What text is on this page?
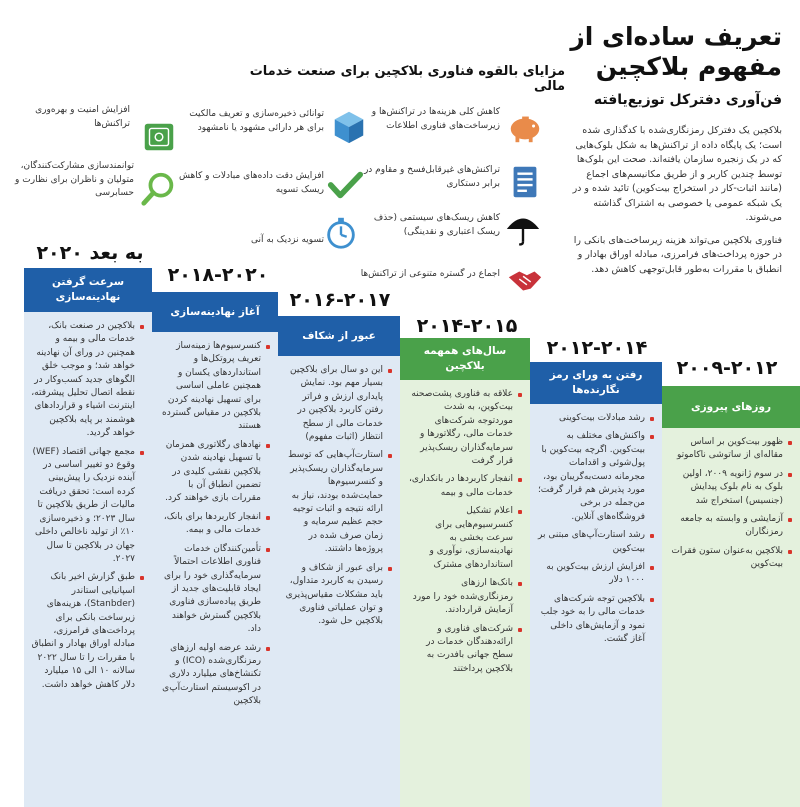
تعریف ساده‌ای از مفهوم بلاکچین
فن‌آوری دفترکل توزیع‌یافته

بلاکچین یک دفترکل رمزنگاری‌شده با کدگذاری شده است؛ یک پایگاه داده از تراکنش‌ها به شکل بلوک‌هایی که در یک زنجیره سازمان یافته‌اند. صحت این بلوک‌ها توسط چندین کاربر و از طریق مکانیسم‌های اجماع (مانند اثبات-کار در استخراج بیت‌کوین) تائید شده و در یک شبکه عمومی یا خصوصی به اشتراک گذاشته می‌شوند.

فناوری بلاکچین می‌تواند هزینه زیرساخت‌های بانکی را در حوزه پرداخت‌های فرامرزی، مبادله اوراق بهادار و انطباق با مقررات به‌طور قابل‌توجهی کاهش دهد.

مزایای بالقوه فناوری بلاکچین برای صنعت خدمات مالی
کاهش کلی هزینه‌ها در تراکنش‌ها و زیرساخت‌های فناوری اطلاعات
توانائی ذخیره‌سازی و تعریف مالکیت برای هر دارائی مشهود یا نامشهود
افزایش امنیت و بهره‌وری تراکنش‌ها
تراکنش‌های غیرقابل‌فسخ و مقاوم در برابر دستکاری
افزایش دقت داده‌های مبادلات و کاهش ریسک تسویه
توانمندسازی مشارکت‌کنندگان، متولیان و ناظران برای نظارت و حسابرسی
کاهش ریسک‌های سیستمی (حذف ریسک اعتباری و نقدینگی)
تسویه نزدیک به آنی
اجماع در گستره متنوعی از تراکنش‌ها
۲۰۰۹-۲۰۱۲
روزهای پیروزی
ظهور بیت‌کوین بر اساس مقاله‌ای از ساتوشی ناکاموتو
در سوم ژانویه ۲۰۰۹، اولین بلوک به نام بلوک پیدایش (جنسیس) استخراج شد
آزمایشی و وابسته به جامعه رمزنگاران
بلاکچین به‌عنوان ستون فقرات بیت‌کوین
۲۰۱۲-۲۰۱۴
رفتن به ورای رمز نگارنده‌ها
رشد مبادلات بیت‌کوینی
واکنش‌های مختلف به بیت‌کوین. اگرچه بیت‌کوین با پول‌شوئی و اقدامات مجرمانه دست‌به‌گریبان بود، مورد پذیرش هم قرار گرفت؛ من‌جمله در برخی فروشگاه‌های آنلاین.
رشد استارت‌آپ‌های مبتنی بر بیت‌کوین
افزایش ارزش بیت‌کوین به ۱۰۰۰ دلار
بلاکچین توجه شرکت‌های خدمات مالی را به خود جلب نمود و آزمایش‌های داخلی آغاز گشت.
۲۰۱۴-۲۰۱۵
سال‌های همهمه بلاکچین
علاقه به فناوری پشت‌صحنه بیت‌کوین، به شدت موردتوجه شرکت‌های خدمات مالی، رگلاتورها و سرمایه‌گذاران ریسک‌پذیر قرار گرفت
انفجار کاربردها در بانکداری، خدمات مالی و بیمه
اعلام تشکیل کنسرسیوم‌هایی برای سرعت بخشی به نهادینه‌سازی، نوآوری و استانداردهای مشترک
بانک‌ها ارزهای رمزنگاری‌شده خود را مورد آزمایش قراردادند.
شرکت‌های فناوری و ارائه‌دهندگان خدمات در سطح جهانی بافدرت به بلاکچین پرداختند
۲۰۱۶-۲۰۱۷
عبور از شکاف
این دو سال برای بلاکچین بسیار مهم بود. نمایش پایداری ارزش و فراتر رفتن کاربرد بلاکچین در خدمات مالی از سطح انتظار (اثبات مفهوم)
استارت‌آپ‌هایی که توسط سرمایه‌گذاران ریسک‌پذیر و کنسرسیوم‌ها حمایت‌شده بودند، نیاز به ارائه نتیجه و اثبات توجیه حجم عظیم سرمایه و زمان صرف شده در پروژه‌ها داشتند.
برای عبور از شکاف و رسیدن به کاربرد متداول، باید مشکلات مقیاس‌پذیری و توان عملیاتی فناوری بلاکچین حل شود.
۲۰۱۸-۲۰۲۰
آغاز نهادینه‌سازی
کنسرسیوم‌ها زمینه‌ساز تعریف پروتکل‌ها و استانداردهای یکسان و همچنین عاملی اساسی برای تسهیل نهادینه کردن بلاکچین در مقیاس گسترده هستند
نهادهای رگلاتوری همزمان با تسهیل نهادینه شدن بلاکچین نقشی کلیدی در تضمین انطباق آن با مقررات بازی خواهند کرد.
انفجار کاربردها برای بانک، خدمات مالی و بیمه.
تأمین‌کنندگان خدمات فناوری اطلاعات احتمالاً سرمایه‌گذاری خود را برای ایجاد قابلیت‌های جدید از طریق پیاده‌سازی فناوری بلاکچین گسترش خواهند داد.
رشد عرضه اولیه ارزهای رمزنگاری‌شده (ICO) و تکنشاخ‌های میلیارد دلاری در اکوسیستم استارت‌آپ‌ی بلاکچین
۲۰۲۰ به بعد
سرعت گرفتن نهادینه‌سازی
بلاکچین در صنعت بانک، خدمات مالی و بیمه و همچنین در ورای آن نهادینه خواهد شد؛ و موجب خلق الگوهای جدید کسب‌وکار در نقطه اتصال تحلیل پیشرفته، اینترنت اشیاء و قراردادهای هوشمند بر پایه بلاکچین خواهد گردید.
مجمع جهانی اقتصاد (WEF) وقوع دو تغییر اساسی در آینده نزدیک را پیش‌بینی کرده است: تحقق دریافت مالیات از طریق بلاکچین تا سال ۲۰۲۳؛ و ذخیره‌سازی ۱۰٪ از تولید ناخالص داخلی جهان در بلاکچین تا سال ۲۰۲۷.
طبق گزارش اخیر بانک اسپانیایی استاندر (Stanbder)، هزینه‌های زیرساخت بانکی برای پرداخت‌های فرامرزی، مبادله اوراق بهادار و انطباق با مقررات را تا سال ۲۰۲۲ سالانه ۱۰ الی ۱۵ میلیارد دلار کاهش خواهد داشت.
